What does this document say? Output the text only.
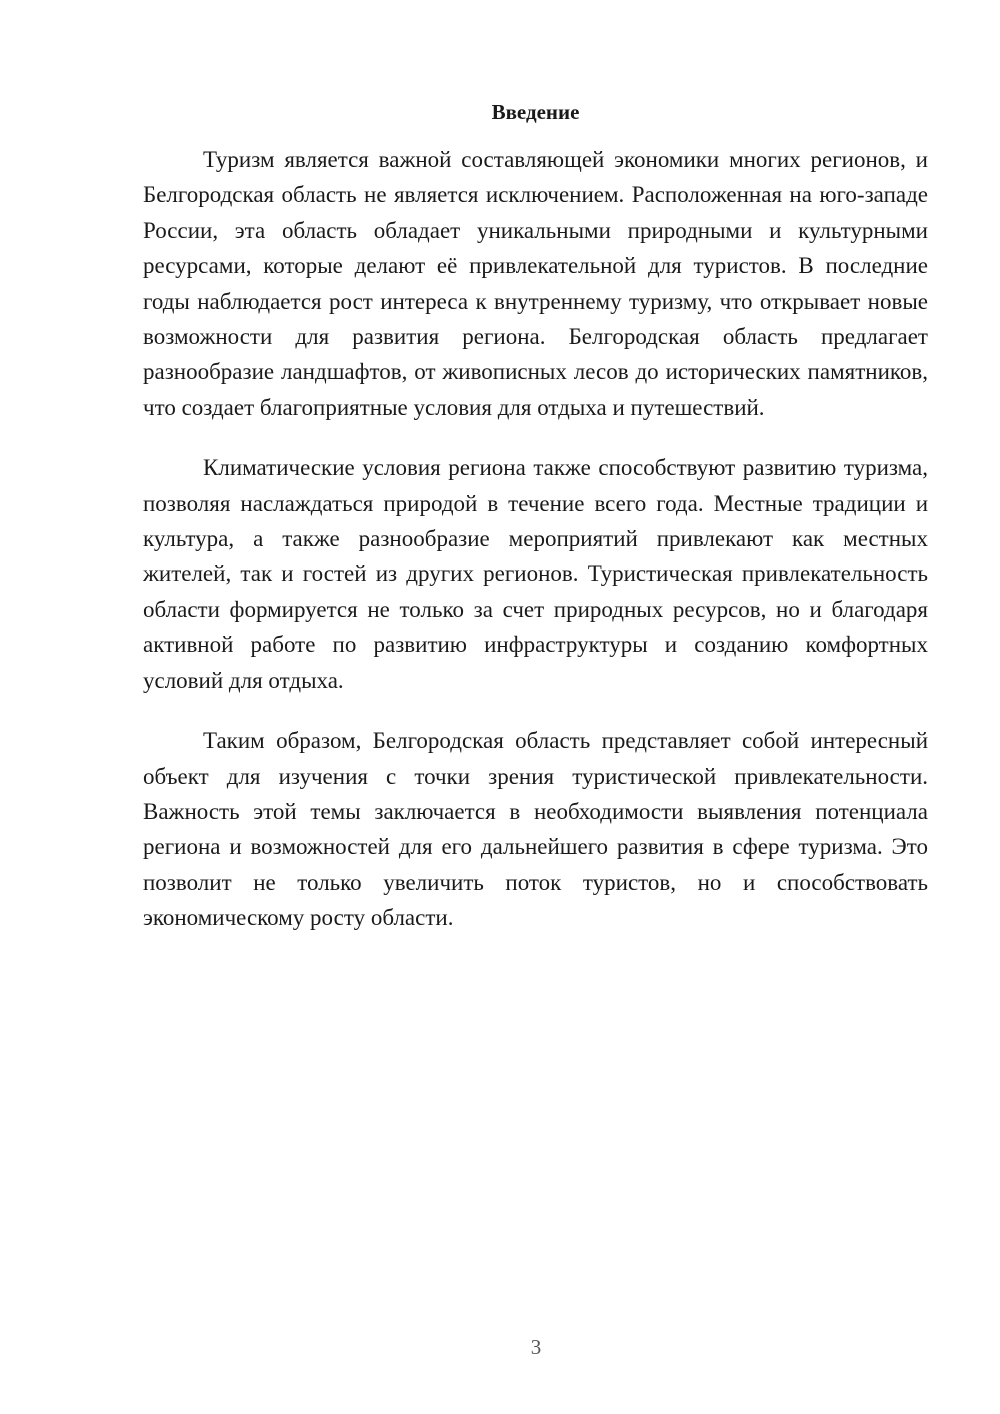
Введение

Туризм является важной составляющей экономики многих регионов, и Белгородская область не является исключением. Расположенная на юго-западе России, эта область обладает уникальными природными и культурными ресурсами, которые делают её привлекательной для туристов. В последние годы наблюдается рост интереса к внутреннему туризму, что открывает новые возможности для развития региона. Белгородская область предлагает разнообразие ландшафтов, от живописных лесов до исторических памятников, что создает благоприятные условия для отдыха и путешествий.

Климатические условия региона также способствуют развитию туризма, позволяя наслаждаться природой в течение всего года. Местные традиции и культура, а также разнообразие мероприятий привлекают как местных жителей, так и гостей из других регионов. Туристическая привлекательность области формируется не только за счет природных ресурсов, но и благодаря активной работе по развитию инфраструктуры и созданию комфортных условий для отдыха.

Таким образом, Белгородская область представляет собой интересный объект для изучения с точки зрения туристической привлекательности. Важность этой темы заключается в необходимости выявления потенциала региона и возможностей для его дальнейшего развития в сфере туризма. Это позволит не только увеличить поток туристов, но и способствовать экономическому росту области.

3
